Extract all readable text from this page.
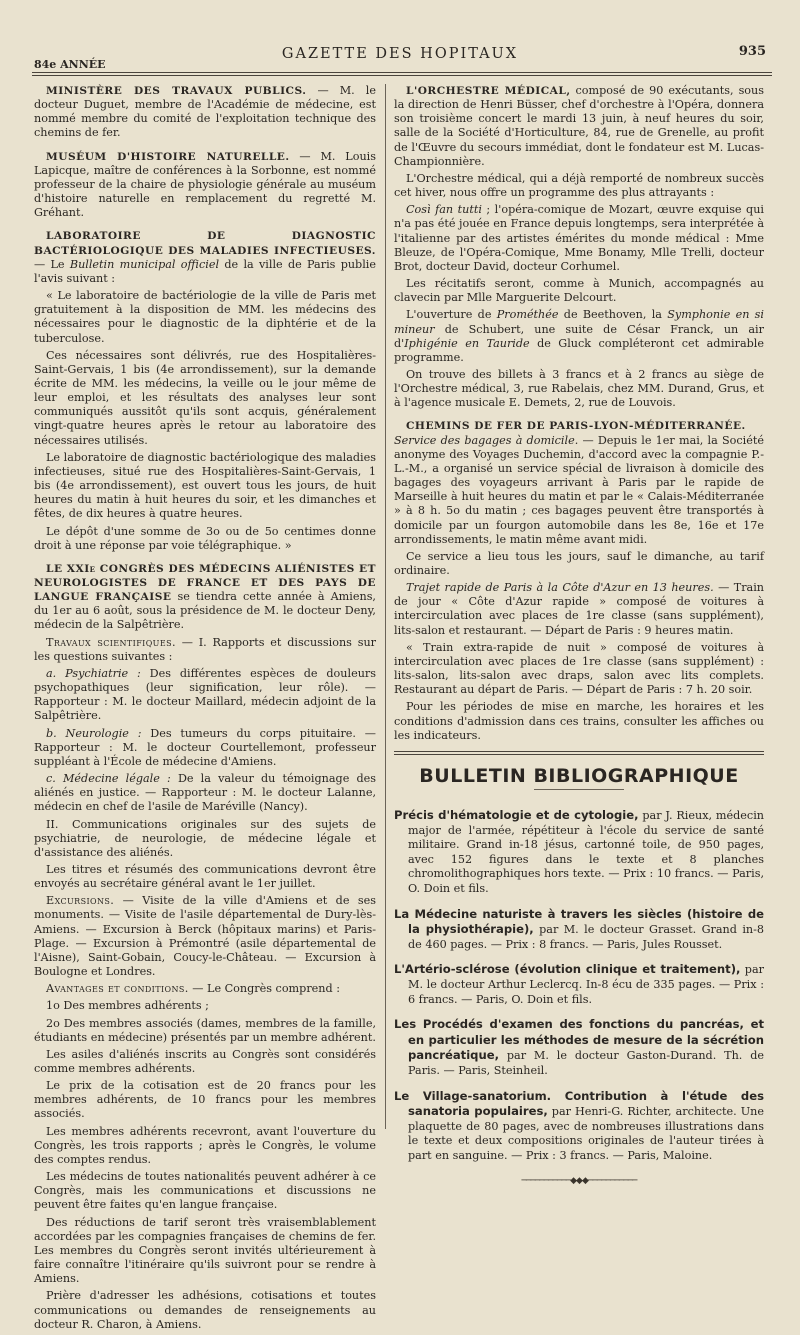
84e ANNÉE
GAZETTE DES HOPITAUX	935

MINISTÈRE DES TRAVAUX PUBLICS. — M. le docteur Duguet, membre de l'Académie de médecine, est nommé membre du comité de l'exploitation technique des chemins de fer.

MUSÉUM D'HISTOIRE NATURELLE. — M. Louis Lapicque, maître de conférences à la Sorbonne, est nommé professeur de la chaire de physiologie générale au muséum d'histoire naturelle en remplacement du regretté M. Gréhant.

LABORATOIRE DE DIAGNOSTIC BACTÉRIOLOGIQUE DES MALADIES INFECTIEUSES. — Le Bulletin municipal officiel de la ville de Paris publie l'avis suivant :

« Le laboratoire de bactériologie de la ville de Paris met gratuitement à la disposition de MM. les médecins des nécessaires pour le diagnostic de la diphtérie et de la tuberculose.

Ces nécessaires sont délivrés, rue des Hospitalières-Saint-Gervais, 1 bis (4e arrondissement), sur la demande écrite de MM. les médecins, la veille ou le jour même de leur emploi, et les résultats des analyses leur sont communiqués aussitôt qu'ils sont acquis, généralement vingt-quatre heures après le retour au laboratoire des nécessaires utilisés.

Le laboratoire de diagnostic bactériologique des maladies infectieuses, situé rue des Hospitalières-Saint-Gervais, 1 bis (4e arrondissement), est ouvert tous les jours, de huit heures du matin à huit heures du soir, et les dimanches et fêtes, de dix heures à quatre heures.

Le dépôt d'une somme de 3o ou de 5o centimes donne droit à une réponse par voie télégraphique. »

LE XXIe CONGRÈS DES MÉDECINS ALIÉNISTES ET NEUROLOGISTES DE FRANCE ET DES PAYS DE LANGUE FRANÇAISE se tiendra cette année à Amiens, du 1er au 6 août, sous la présidence de M. le docteur Deny, médecin de la Salpêtrière.

Travaux scientifiques. — I. Rapports et discussions sur les questions suivantes :

a. Psychiatrie : Des différentes espèces de douleurs psychopathiques (leur signification, leur rôle). — Rapporteur : M. le docteur Maillard, médecin adjoint de la Salpêtrière.

b. Neurologie : Des tumeurs du corps pituitaire. — Rapporteur : M. le docteur Courtellemont, professeur suppléant à l'École de médecine d'Amiens.

c. Médecine légale : De la valeur du témoignage des aliénés en justice. — Rapporteur : M. le docteur Lalanne, médecin en chef de l'asile de Maréville (Nancy).

II. Communications originales sur des sujets de psychiatrie, de neurologie, de médecine légale et d'assistance des aliénés.

Les titres et résumés des communications devront être envoyés au secrétaire général avant le 1er juillet.

Excursions. — Visite de la ville d'Amiens et de ses monuments. — Visite de l'asile départemental de Dury-lès-Amiens. — Excursion à Berck (hôpitaux marins) et Paris-Plage. — Excursion à Prémontré (asile départemental de l'Aisne), Saint-Gobain, Coucy-le-Château. — Excursion à Boulogne et Londres.

Avantages et conditions. — Le Congrès comprend :

1o Des membres adhérents ;

2o Des membres associés (dames, membres de la famille, étudiants en médecine) présentés par un membre adhérent.

Les asiles d'aliénés inscrits au Congrès sont considérés comme membres adhérents.

Le prix de la cotisation est de 20 francs pour les membres adhérents, de 10 francs pour les membres associés.

Les membres adhérents recevront, avant l'ouverture du Congrès, les trois rapports ; après le Congrès, le volume des comptes rendus.

Les médecins de toutes nationalités peuvent adhérer à ce Congrès, mais les communications et discussions ne peuvent être faites qu'en langue française.

Des réductions de tarif seront très vraisemblablement accordées par les compagnies françaises de chemins de fer. Les membres du Congrès seront invités ultérieurement à faire connaître l'itinéraire qu'ils suivront pour se rendre à Amiens.

Prière d'adresser les adhésions, cotisations et toutes communications ou demandes de renseignements au docteur R. Charon, à Amiens.

L'ORCHESTRE MÉDICAL, composé de 90 exécutants, sous la direction de Henri Büsser, chef d'orchestre à l'Opéra, donnera son troisième concert le mardi 13 juin, à neuf heures du soir, salle de la Société d'Horticulture, 84, rue de Grenelle, au profit de l'Œuvre du secours immédiat, dont le fondateur est M. Lucas-Championnière.

L'Orchestre médical, qui a déjà remporté de nombreux succès cet hiver, nous offre un programme des plus attrayants :

Così fan tutti ; l'opéra-comique de Mozart, œuvre exquise qui n'a pas été jouée en France depuis longtemps, sera interprétée à l'italienne par des artistes émérites du monde médical : Mme Bleuze, de l'Opéra-Comique, Mme Bonamy, Mlle Trelli, docteur Brot, docteur David, docteur Corhumel.

Les récitatifs seront, comme à Munich, accompagnés au clavecin par Mlle Marguerite Delcourt.

L'ouverture de Prométhée de Beethoven, la Symphonie en si mineur de Schubert, une suite de César Franck, un air d'Iphigénie en Tauride de Gluck compléteront cet admirable programme.

On trouve des billets à 3 francs et à 2 francs au siège de l'Orchestre médical, 3, rue Rabelais, chez MM. Durand, Grus, et à l'agence musicale E. Demets, 2, rue de Louvois.

CHEMINS DE FER DE PARIS-LYON-MÉDITERRANÉE.
Service des bagages à domicile. — Depuis le 1er mai, la Société anonyme des Voyages Duchemin, d'accord avec la compagnie P.-L.-M., a organisé un service spécial de livraison à domicile des bagages des voyageurs arrivant à Paris par le rapide de Marseille à huit heures du matin et par le « Calais-Méditerranée » à 8 h. 5o du matin ; ces bagages peuvent être transportés à domicile par un fourgon automobile dans les 8e, 16e et 17e arrondissements, le matin même avant midi.

Ce service a lieu tous les jours, sauf le dimanche, au tarif ordinaire.

Trajet rapide de Paris à la Côte d'Azur en 13 heures. — Train de jour « Côte d'Azur rapide » composé de voitures à intercirculation avec places de 1re classe (sans supplément), lits-salon et restaurant. — Départ de Paris : 9 heures matin.

« Train extra-rapide de nuit » composé de voitures à intercirculation avec places de 1re classe (sans supplément) : lits-salon, lits-salon avec draps, salon avec lits complets. Restaurant au départ de Paris. — Départ de Paris : 7 h. 20 soir.

Pour les périodes de mise en marche, les horaires et les conditions d'admission dans ces trains, consulter les affiches ou les indicateurs.

BULLETIN BIBLIOGRAPHIQUE

Précis d'hématologie et de cytologie, par J. Rieux, médecin major de l'armée, répétiteur à l'école du service de santé militaire. Grand in-18 jésus, cartonné toile, de 950 pages, avec 152 figures dans le texte et 8 planches chromolithographiques hors texte. — Prix : 10 francs. — Paris, O. Doin et fils.

La Médecine naturiste à travers les siècles (histoire de la physiothérapie), par M. le docteur Grasset. Grand in-8 de 460 pages. — Prix : 8 francs. — Paris, Jules Rousset.

L'Artério-sclérose (évolution clinique et traitement), par M. le docteur Arthur Leclercq. In-8 écu de 335 pages. — Prix : 6 francs. — Paris, O. Doin et fils.

Les Procédés d'examen des fonctions du pancréas, et en particulier les méthodes de mesure de la sécrétion pancréatique, par M. le docteur Gaston-Durand. Th. de Paris. — Paris, Steinheil.

Le Village-sanatorium. Contribution à l'étude des sanatoria populaires, par Henri-G. Richter, architecte. Une plaquette de 80 pages, avec de nombreuses illustrations dans le texte et deux compositions originales de l'auteur tirées à part en sanguine. — Prix : 3 francs. — Paris, Maloine.

───────────◆◆◆───────────
